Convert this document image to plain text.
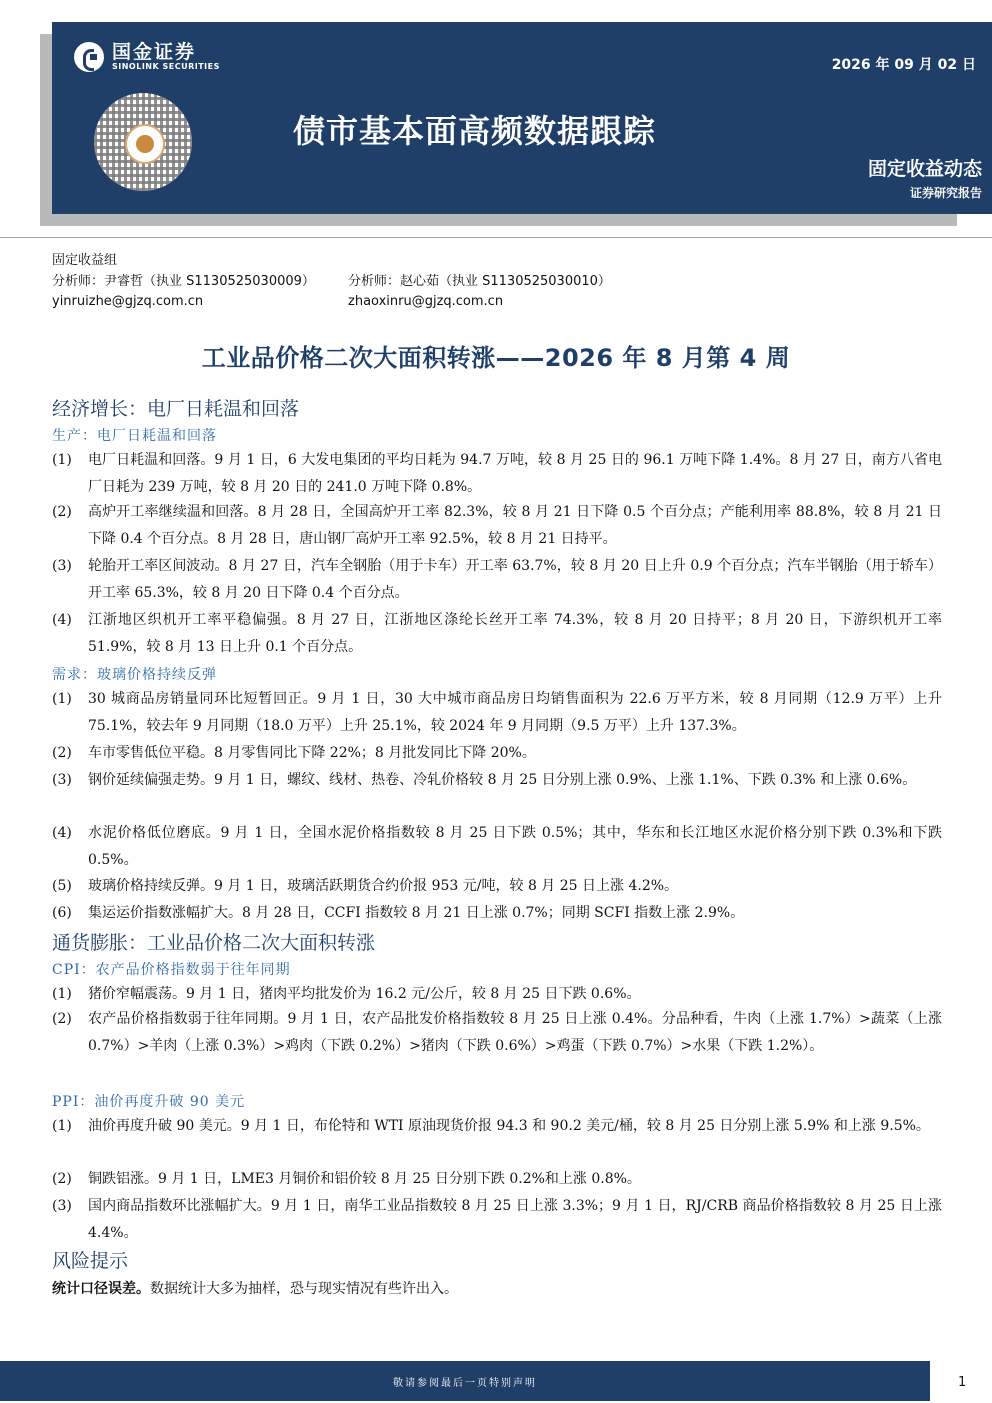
国金证券
SINOLINK SECURITIES	2026 年 09 月 02 日
债市基本面高频数据跟踪
固定收益动态
证券研究报告
固定收益组
分析师：尹睿哲（执业 S1130525030009）	分析师：赵心茹（执业 S1130525030010）
yinruizhe@gjzq.com.cn	zhaoxinru@gjzq.com.cn
工业品价格二次大面积转涨——2026 年 8 月第 4 周
经济增长：电厂日耗温和回落
生产：电厂日耗温和回落
(1) 电厂日耗温和回落。9 月 1 日，6 大发电集团的平均日耗为 94.7 万吨，较 8 月 25 日的 96.1 万吨下降 1.4%。8 月 27 日，南方八省电厂日耗为 239 万吨，较 8 月 20 日的 241.0 万吨下降 0.8%。
(2) 高炉开工率继续温和回落。8 月 28 日，全国高炉开工率 82.3%，较 8 月 21 日下降 0.5 个百分点；产能利用率 88.8%，较 8 月 21 日下降 0.4 个百分点。8 月 28 日，唐山钢厂高炉开工率 92.5%，较 8 月 21 日持平。
(3) 轮胎开工率区间波动。8 月 27 日，汽车全钢胎（用于卡车）开工率 63.7%，较 8 月 20 日上升 0.9 个百分点；汽车半钢胎（用于轿车）开工率 65.3%，较 8 月 20 日下降 0.4 个百分点。
(4) 江浙地区织机开工率平稳偏强。8 月 27 日，江浙地区涤纶长丝开工率 74.3%，较 8 月 20 日持平；8 月 20 日，下游织机开工率 51.9%，较 8 月 13 日上升 0.1 个百分点。
需求：玻璃价格持续反弹
(1) 30 城商品房销量同环比短暂回正。9 月 1 日，30 大中城市商品房日均销售面积为 22.6 万平方米，较 8 月同期（12.9 万平）上升 75.1%，较去年 9 月同期（18.0 万平）上升 25.1%，较 2024 年 9 月同期（9.5 万平）上升 137.3%。
(2) 车市零售低位平稳。8 月零售同比下降 22%；8 月批发同比下降 20%。
(3) 钢价延续偏强走势。9 月 1 日，螺纹、线材、热卷、冷轧价格较 8 月 25 日分别上涨 0.9%、上涨 1.1%、下跌 0.3% 和上涨 0.6%。
(4) 水泥价格低位磨底。9 月 1 日，全国水泥价格指数较 8 月 25 日下跌 0.5%；其中，华东和长江地区水泥价格分别下跌 0.3%和下跌 0.5%。
(5) 玻璃价格持续反弹。9 月 1 日，玻璃活跃期货合约价报 953 元/吨，较 8 月 25 日上涨 4.2%。
(6) 集运运价指数涨幅扩大。8 月 28 日，CCFI 指数较 8 月 21 日上涨 0.7%；同期 SCFI 指数上涨 2.9%。
通货膨胀：工业品价格二次大面积转涨
CPI：农产品价格指数弱于往年同期
(1) 猪价窄幅震荡。9 月 1 日，猪肉平均批发价为 16.2 元/公斤，较 8 月 25 日下跌 0.6%。
(2) 农产品价格指数弱于往年同期。9 月 1 日，农产品批发价格指数较 8 月 25 日上涨 0.4%。分品种看，牛肉（上涨 1.7%）>蔬菜（上涨 0.7%）>羊肉（上涨 0.3%）>鸡肉（下跌 0.2%）>猪肉（下跌 0.6%）>鸡蛋（下跌 0.7%）>水果（下跌 1.2%）。
PPI：油价再度升破 90 美元
(1) 油价再度升破 90 美元。9 月 1 日，布伦特和 WTI 原油现货价报 94.3 和 90.2 美元/桶，较 8 月 25 日分别上涨 5.9% 和上涨 9.5%。
(2) 铜跌铝涨。9 月 1 日，LME3 月铜价和铝价较 8 月 25 日分别下跌 0.2%和上涨 0.8%。
(3) 国内商品指数环比涨幅扩大。9 月 1 日，南华工业品指数较 8 月 25 日上涨 3.3%；9 月 1 日，RJ/CRB 商品价格指数较 8 月 25 日上涨 4.4%。
风险提示
统计口径误差。数据统计大多为抽样，恐与现实情况有些许出入。
敬请参阅最后一页特别声明	1
